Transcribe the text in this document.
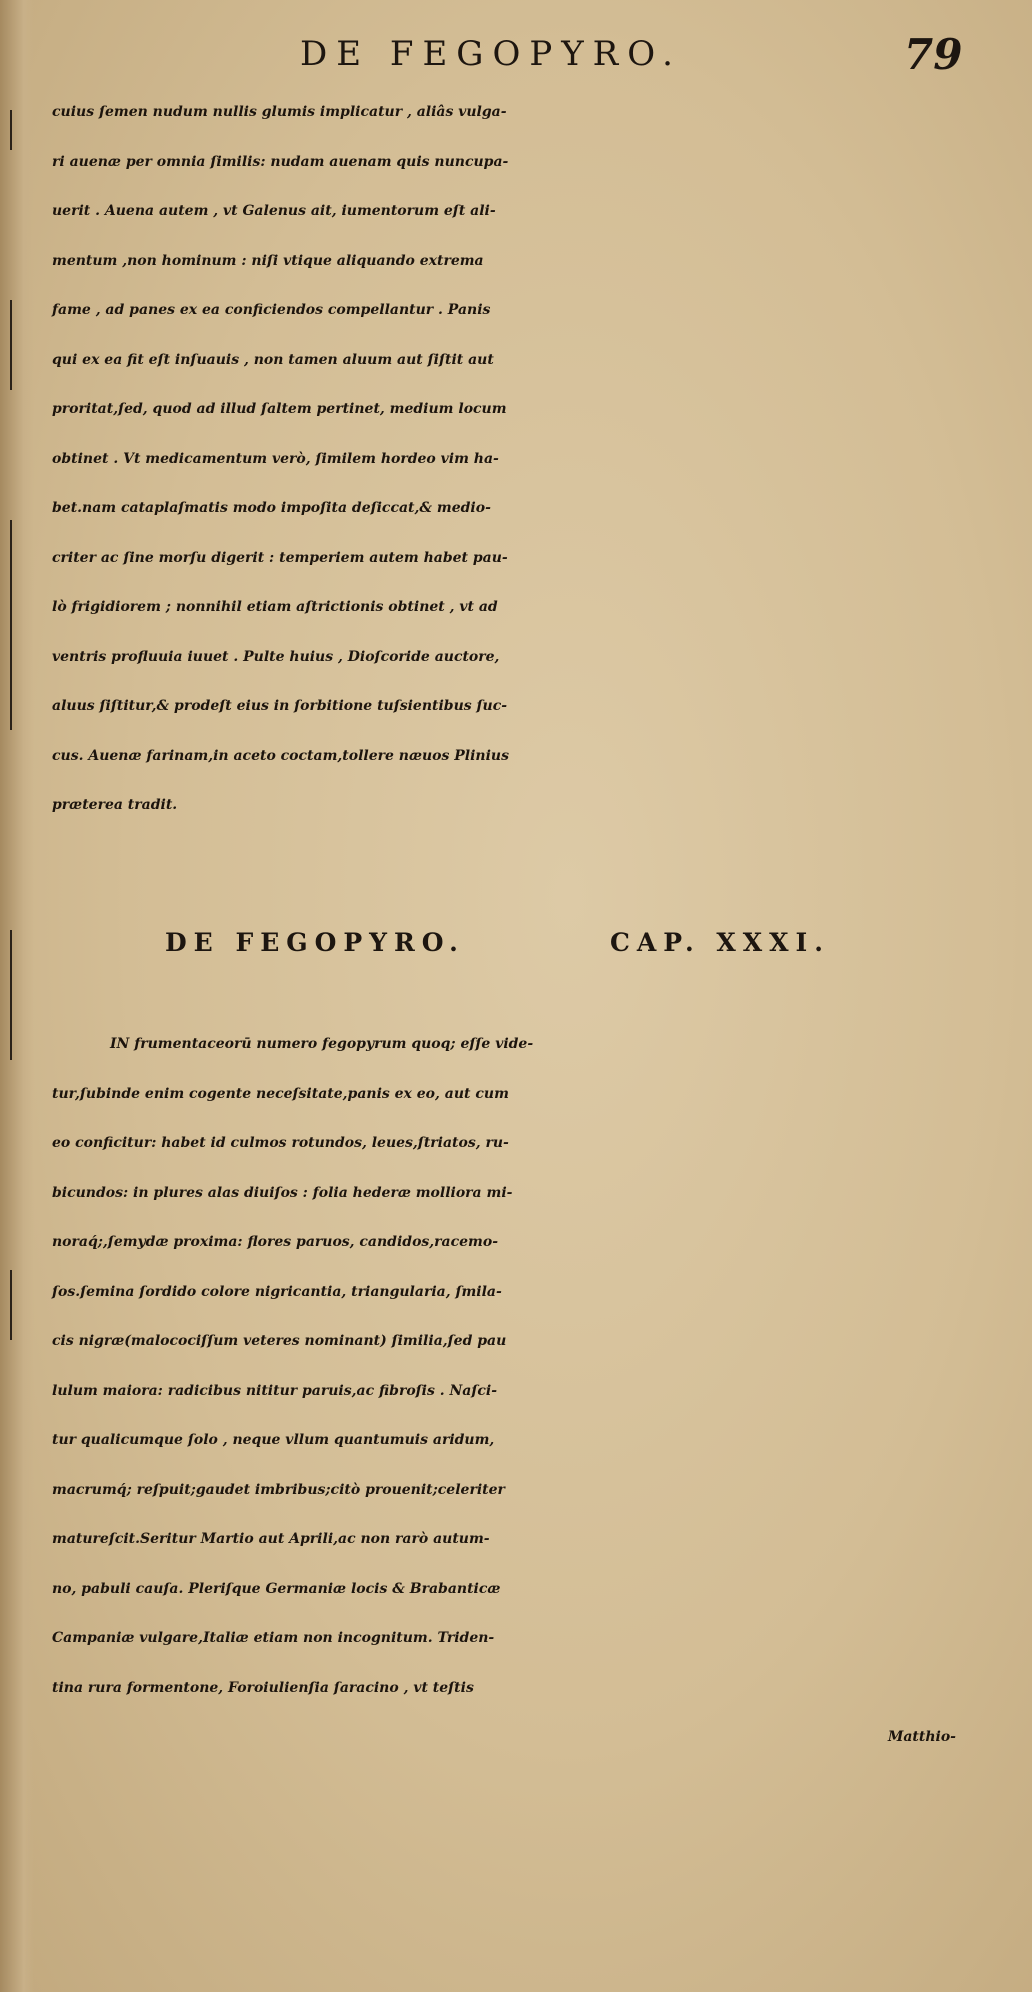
DE FEGOPYRO.	79
cuius ſemen nudum nullis glumis implicatur , aliâs vulga-
ri auenæ per omnia ſimilis: nudam auenam quis nuncupa-
uerit . Auena autem , vt Galenus ait, iumentorum eſt ali-
mentum ,non hominum : niſi vtique aliquando extrema
fame , ad panes ex ea conficiendos compellantur . Panis
qui ex ea fit eſt inſuauis , non tamen aluum aut ſiſtit aut
proritat,ſed, quod ad illud ſaltem pertinet, medium locum
obtinet . Vt medicamentum verò, ſimilem hordeo vim ha-
bet.nam cataplaſmatis modo impoſita deſiccat,& medio-
criter ac ſine morſu digerit : temperiem autem habet pau-
lò frigidiorem ; nonnihil etiam aſtrictionis obtinet , vt ad
ventris profluuia iuuet . Pulte huius , Dioſcoride auctore,
aluus ſiſtitur,& prodeſt eius in ſorbitione tuſsientibus ſuc-
cus. Auenæ farinam,in aceto coctam,tollere næuos Plinius
præterea tradit.
DE FEGOPYRO.	CAP. XXXI.
IN frumentaceorū numero fegopyrum quoq; eſſe vide-
tur,ſubinde enim cogente neceſsitate,panis ex eo, aut cum
eo conficitur: habet id culmos rotundos, leues,ſtriatos, ru-
bicundos: in plures alas diuiſos : folia hederæ molliora mi-
noraq́;,ſemydæ proxima: flores paruos, candidos,racemo-
ſos.ſemina ſordido colore nigricantia, triangularia, ſmila-
cis nigræ(malocociſſum veteres nominant) ſimilia,ſed pau
lulum maiora: radicibus nititur paruis,ac fibroſis . Naſci-
tur qualicumque ſolo , neque vllum quantumuis aridum,
macrumq́; reſpuit;gaudet imbribus;citò prouenit;celeriter
matureſcit.Seritur Martio aut Aprili,ac non rarò autum-
no, pabuli cauſa. Pleriſque Germaniæ locis & Brabanticæ
Campaniæ vulgare,Italiæ etiam non incognitum. Triden-
tina rura formentone, Foroiulienſia ſaracino , vt teſtis
Matthio-
